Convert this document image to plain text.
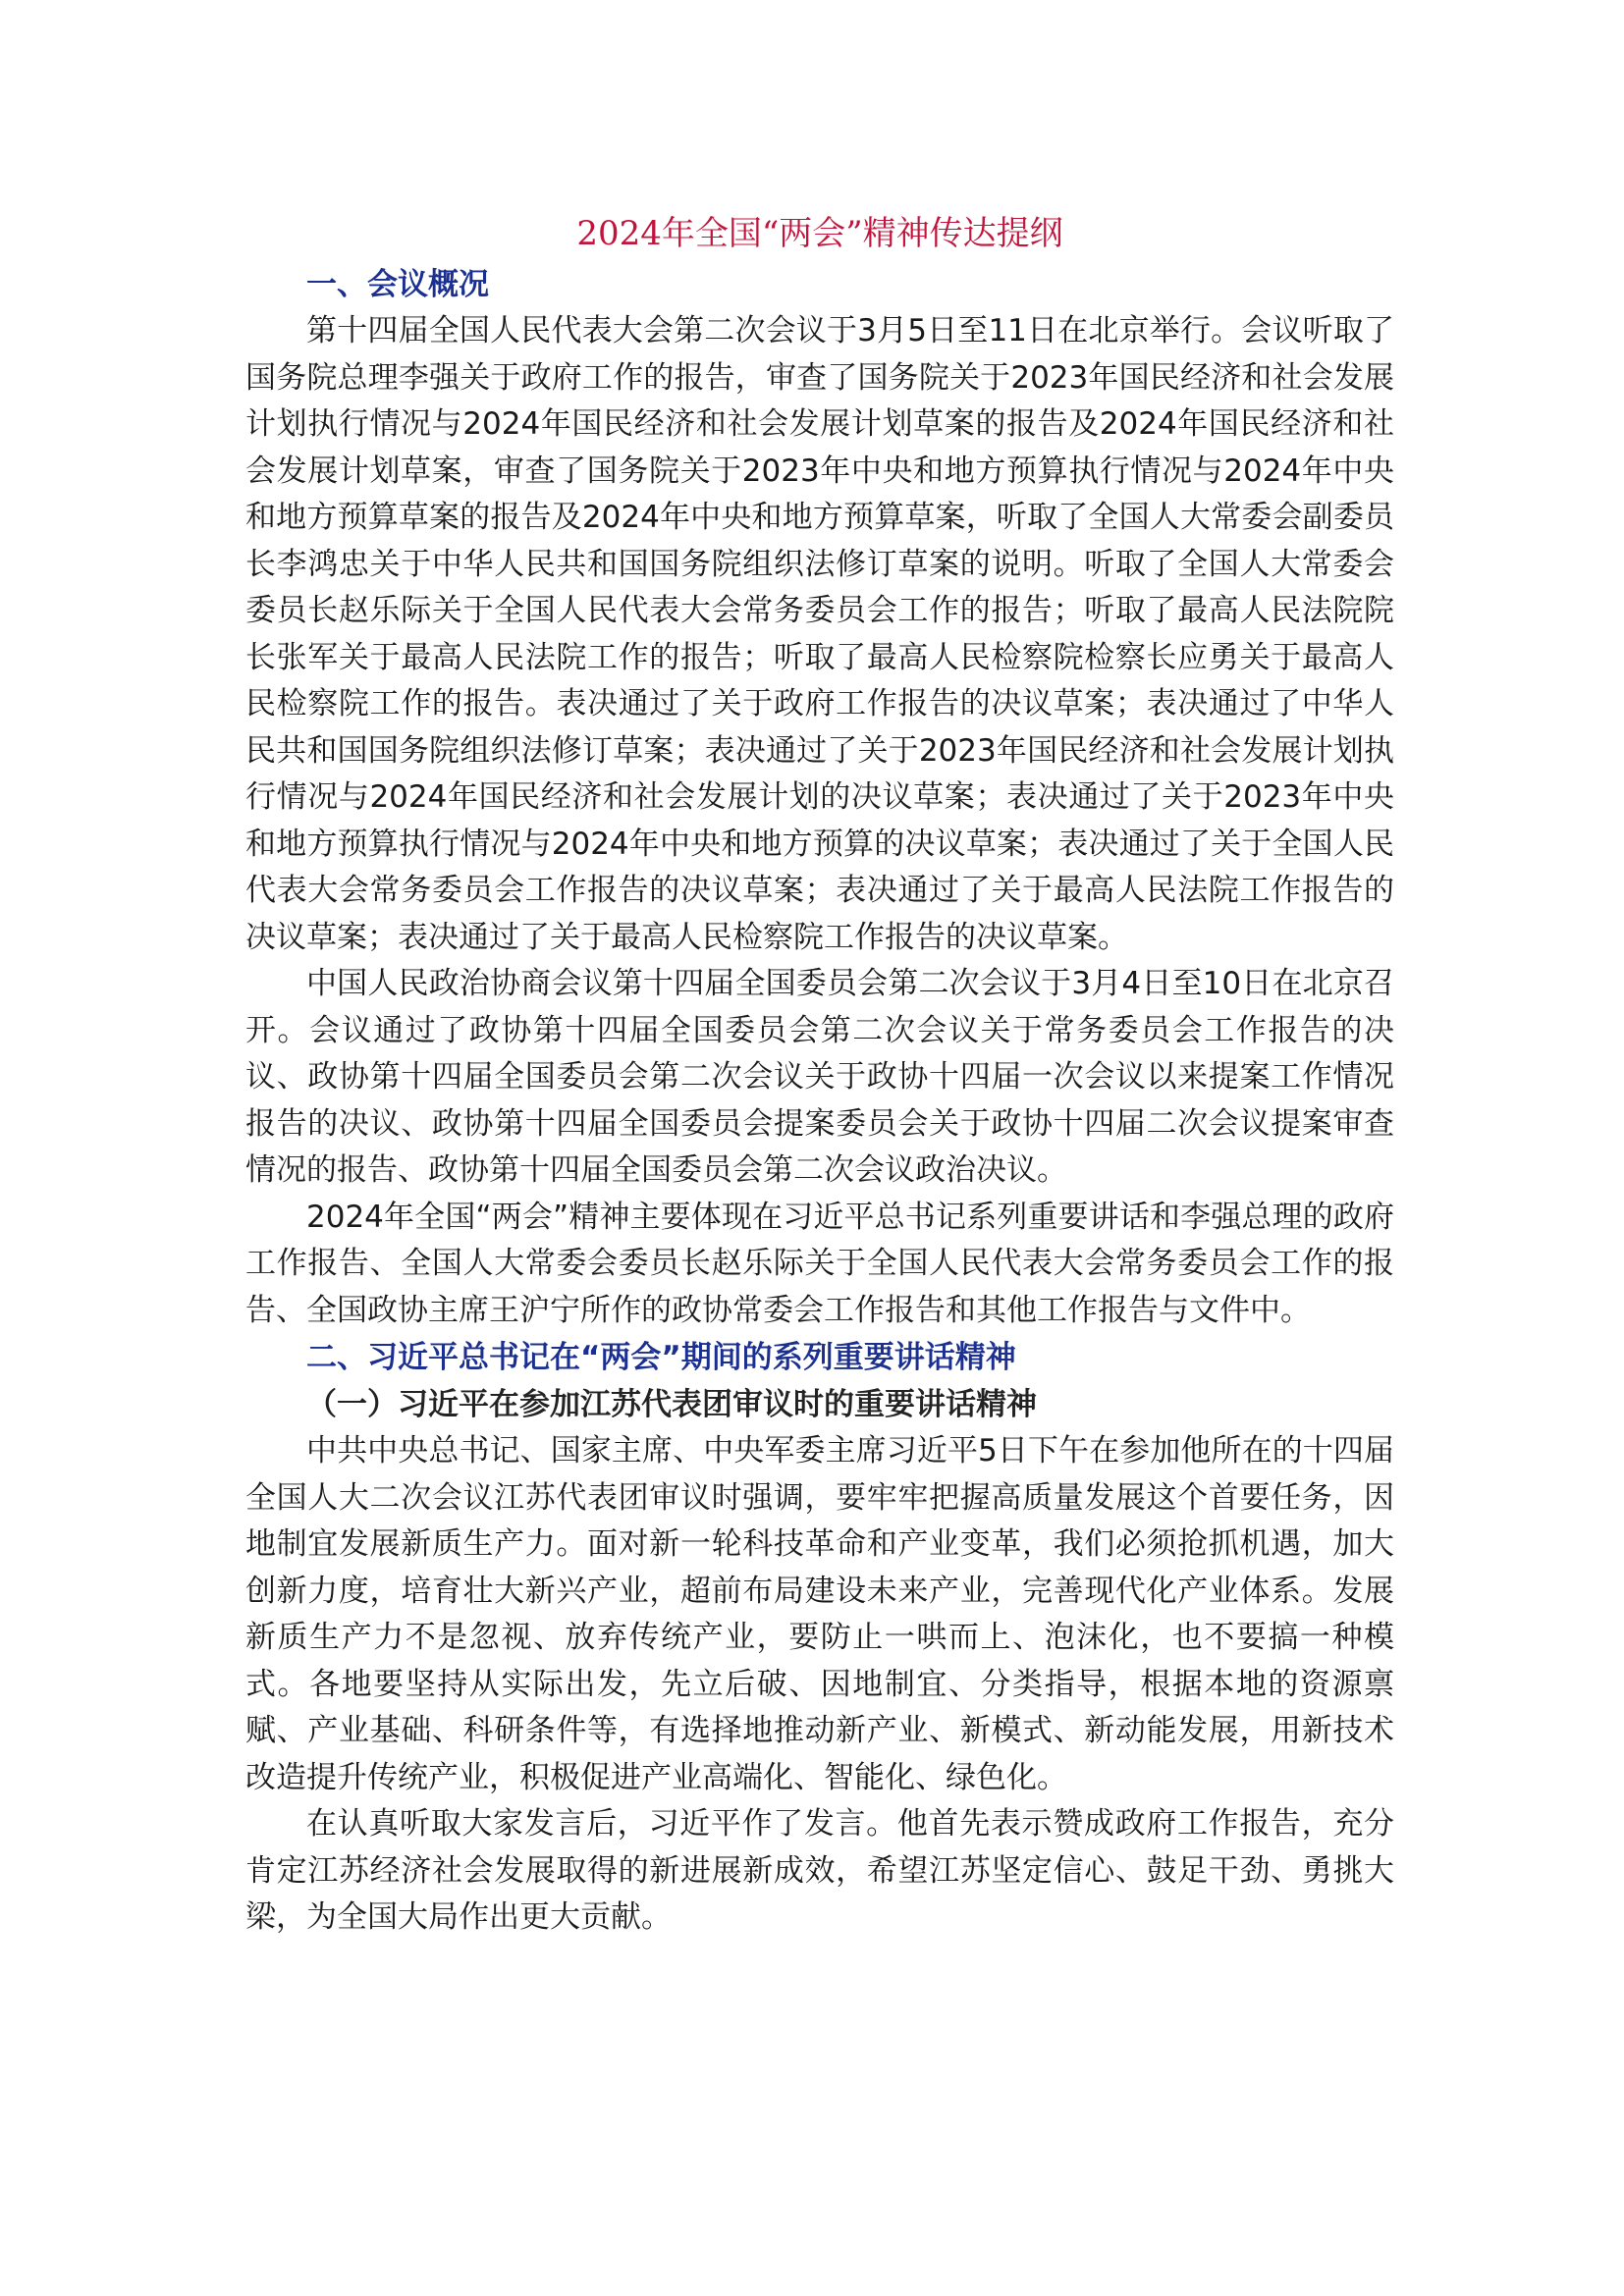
2024年全国“两会”精神传达提纲
一、会议概况

第十四届全国人民代表大会第二次会议于3月5日至11日在北京举行。会议听取了国务院总理李强关于政府工作的报告，审查了国务院关于2023年国民经济和社会发展计划执行情况与2024年国民经济和社会发展计划草案的报告及2024年国民经济和社会发展计划草案，审查了国务院关于2023年中央和地方预算执行情况与2024年中央和地方预算草案的报告及2024年中央和地方预算草案，听取了全国人大常委会副委员长李鸿忠关于中华人民共和国国务院组织法修订草案的说明。听取了全国人大常委会委员长赵乐际关于全国人民代表大会常务委员会工作的报告；听取了最高人民法院院长张军关于最高人民法院工作的报告；听取了最高人民检察院检察长应勇关于最高人民检察院工作的报告。表决通过了关于政府工作报告的决议草案；表决通过了中华人民共和国国务院组织法修订草案；表决通过了关于2023年国民经济和社会发展计划执行情况与2024年国民经济和社会发展计划的决议草案；表决通过了关于2023年中央和地方预算执行情况与2024年中央和地方预算的决议草案；表决通过了关于全国人民代表大会常务委员会工作报告的决议草案；表决通过了关于最高人民法院工作报告的决议草案；表决通过了关于最高人民检察院工作报告的决议草案。

中国人民政治协商会议第十四届全国委员会第二次会议于3月4日至10日在北京召开。会议通过了政协第十四届全国委员会第二次会议关于常务委员会工作报告的决议、政协第十四届全国委员会第二次会议关于政协十四届一次会议以来提案工作情况报告的决议、政协第十四届全国委员会提案委员会关于政协十四届二次会议提案审查情况的报告、政协第十四届全国委员会第二次会议政治决议。

2024年全国“两会”精神主要体现在习近平总书记系列重要讲话和李强总理的政府工作报告、全国人大常委会委员长赵乐际关于全国人民代表大会常务委员会工作的报告、全国政协主席王沪宁所作的政协常委会工作报告和其他工作报告与文件中。

二、习近平总书记在“两会”期间的系列重要讲话精神
（一）习近平在参加江苏代表团审议时的重要讲话精神

中共中央总书记、国家主席、中央军委主席习近平5日下午在参加他所在的十四届全国人大二次会议江苏代表团审议时强调，要牢牢把握高质量发展这个首要任务，因地制宜发展新质生产力。面对新一轮科技革命和产业变革，我们必须抢抓机遇，加大创新力度，培育壮大新兴产业，超前布局建设未来产业，完善现代化产业体系。发展新质生产力不是忽视、放弃传统产业，要防止一哄而上、泡沫化，也不要搞一种模式。各地要坚持从实际出发，先立后破、因地制宜、分类指导，根据本地的资源禀赋、产业基础、科研条件等，有选择地推动新产业、新模式、新动能发展，用新技术改造提升传统产业，积极促进产业高端化、智能化、绿色化。

在认真听取大家发言后，习近平作了发言。他首先表示赞成政府工作报告，充分肯定江苏经济社会发展取得的新进展新成效，希望江苏坚定信心、鼓足干劲、勇挑大梁，为全国大局作出更大贡献。
